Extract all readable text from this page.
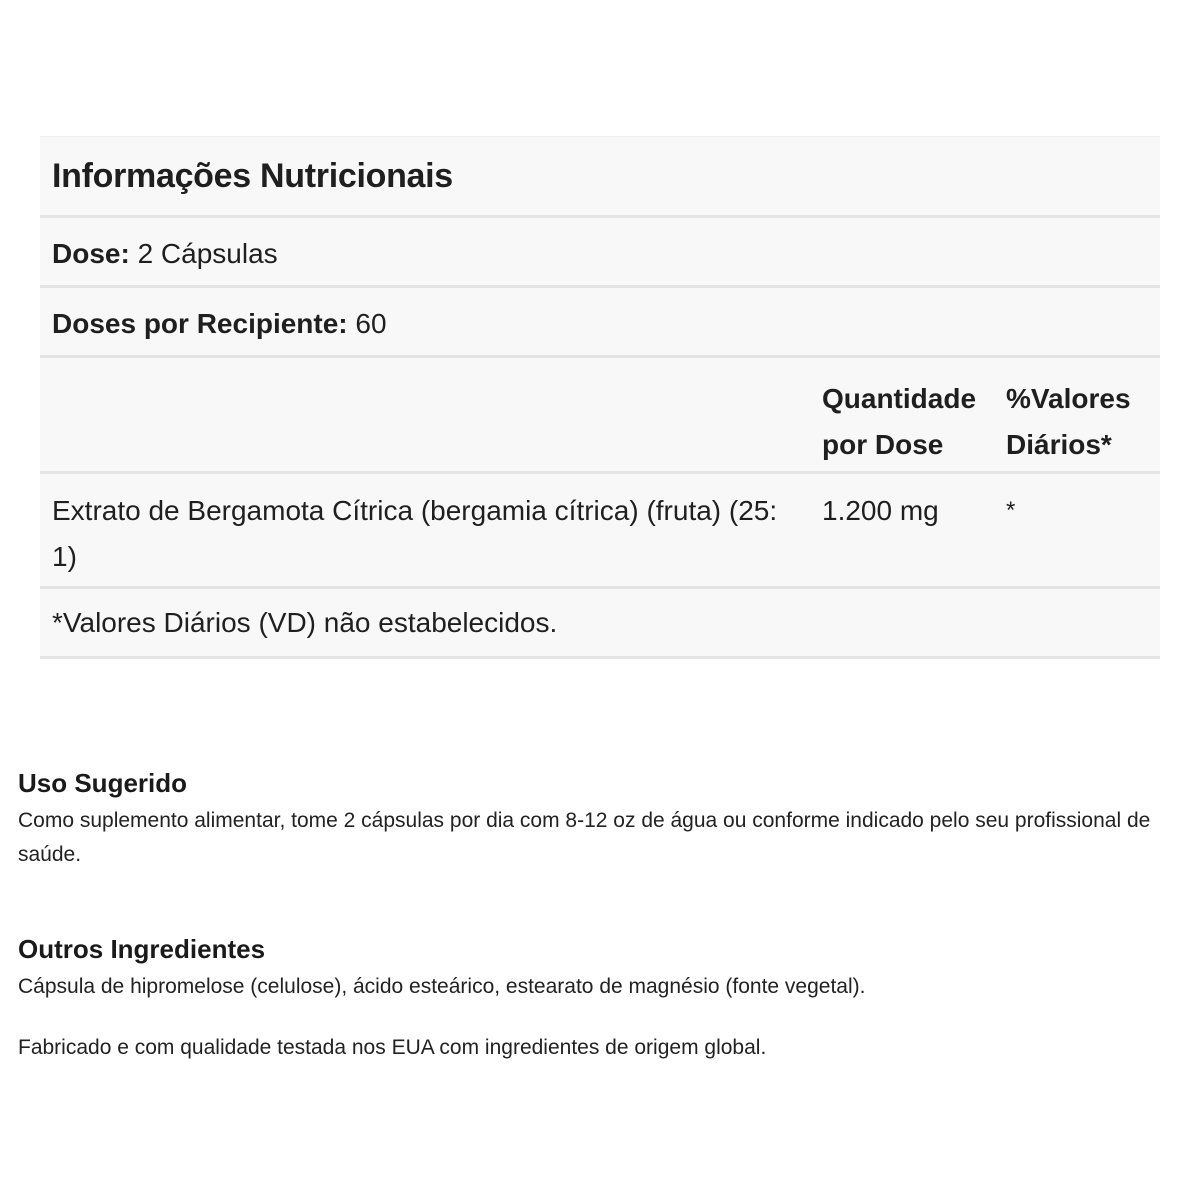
Informações Nutricionais
Dose: 2 Cápsulas
Doses por Recipiente: 60
Quantidade
por Dose
%Valores
Diários*
Extrato de Bergamota Cítrica (bergamia cítrica) (fruta) (25: 1)
1.200 mg	*
*Valores Diários (VD) não estabelecidos.
Uso Sugerido

Como suplemento alimentar, tome 2 cápsulas por dia com 8-12 oz de água ou conforme indicado pelo seu profissional de saúde.

Outros Ingredientes

Cápsula de hipromelose (celulose), ácido esteárico, estearato de magnésio (fonte vegetal).

Fabricado e com qualidade testada nos EUA com ingredientes de origem global.
